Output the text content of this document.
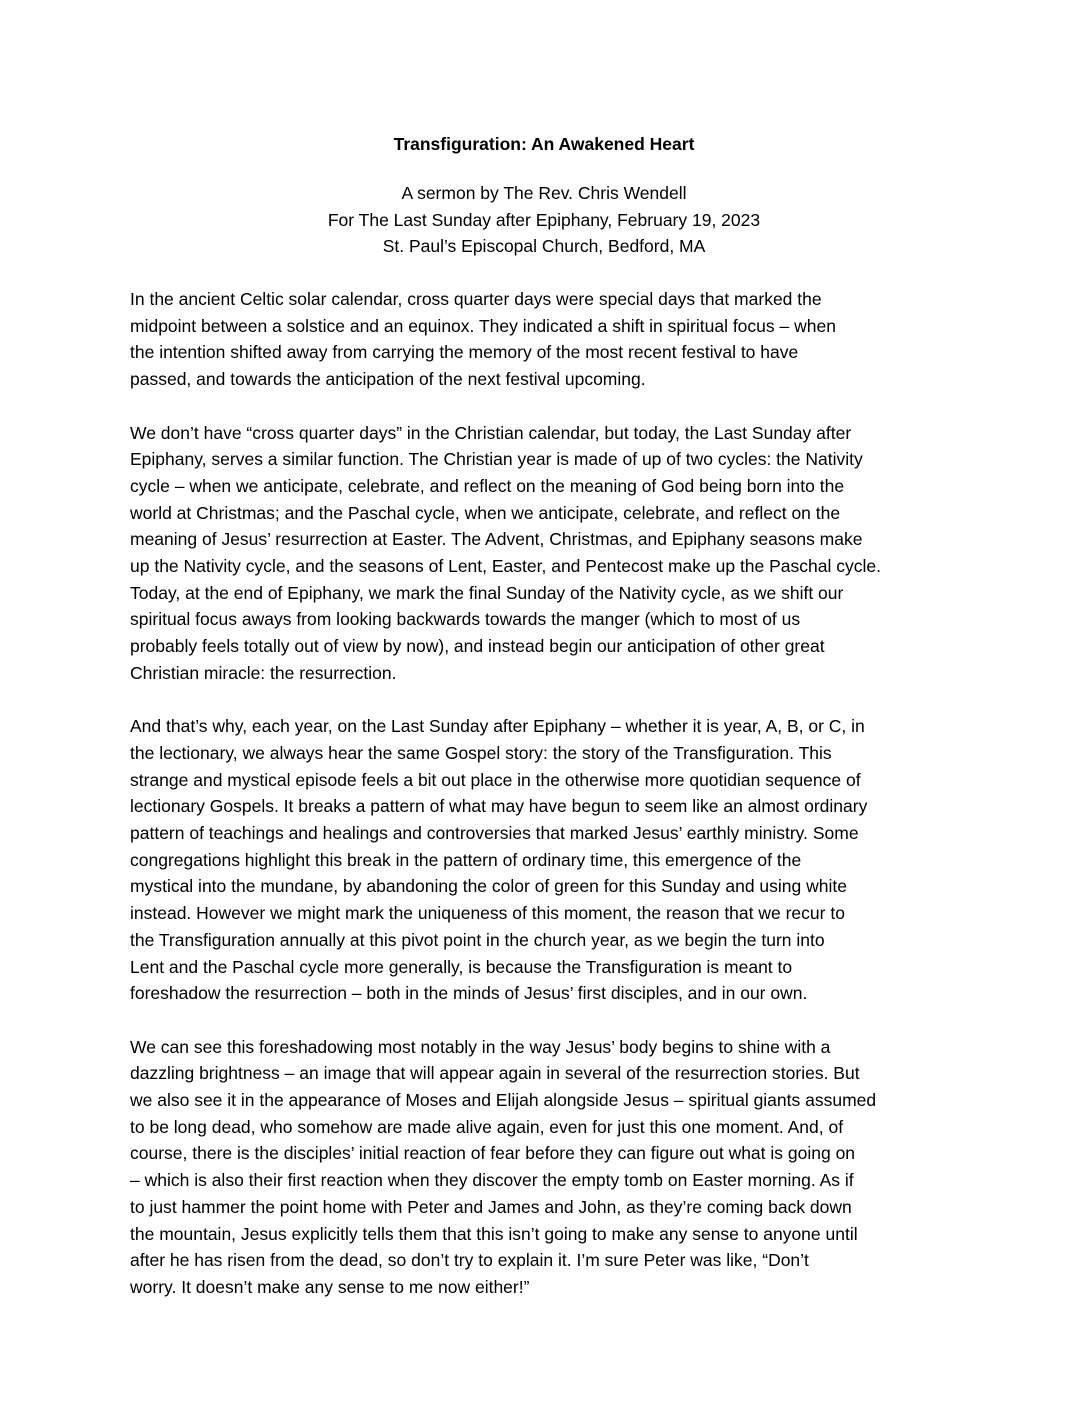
Transfiguration: An Awakened Heart
A sermon by The Rev. Chris Wendell
For The Last Sunday after Epiphany, February 19, 2023
St. Paul’s Episcopal Church, Bedford, MA

In the ancient Celtic solar calendar, cross quarter days were special days that marked the
midpoint between a solstice and an equinox. They indicated a shift in spiritual focus – when
the intention shifted away from carrying the memory of the most recent festival to have
passed, and towards the anticipation of the next festival upcoming.

We don’t have “cross quarter days” in the Christian calendar, but today, the Last Sunday after
Epiphany, serves a similar function. The Christian year is made of up of two cycles: the Nativity
cycle – when we anticipate, celebrate, and reflect on the meaning of God being born into the
world at Christmas; and the Paschal cycle, when we anticipate, celebrate, and reflect on the
meaning of Jesus’ resurrection at Easter. The Advent, Christmas, and Epiphany seasons make
up the Nativity cycle, and the seasons of Lent, Easter, and Pentecost make up the Paschal cycle.
Today, at the end of Epiphany, we mark the final Sunday of the Nativity cycle, as we shift our
spiritual focus aways from looking backwards towards the manger (which to most of us
probably feels totally out of view by now), and instead begin our anticipation of other great
Christian miracle: the resurrection.

And that’s why, each year, on the Last Sunday after Epiphany – whether it is year, A, B, or C, in
the lectionary, we always hear the same Gospel story: the story of the Transfiguration. This
strange and mystical episode feels a bit out place in the otherwise more quotidian sequence of
lectionary Gospels. It breaks a pattern of what may have begun to seem like an almost ordinary
pattern of teachings and healings and controversies that marked Jesus’ earthly ministry. Some
congregations highlight this break in the pattern of ordinary time, this emergence of the
mystical into the mundane, by abandoning the color of green for this Sunday and using white
instead. However we might mark the uniqueness of this moment, the reason that we recur to
the Transfiguration annually at this pivot point in the church year, as we begin the turn into
Lent and the Paschal cycle more generally, is because the Transfiguration is meant to
foreshadow the resurrection – both in the minds of Jesus’ first disciples, and in our own.

We can see this foreshadowing most notably in the way Jesus’ body begins to shine with a
dazzling brightness – an image that will appear again in several of the resurrection stories. But
we also see it in the appearance of Moses and Elijah alongside Jesus – spiritual giants assumed
to be long dead, who somehow are made alive again, even for just this one moment. And, of
course, there is the disciples’ initial reaction of fear before they can figure out what is going on
– which is also their first reaction when they discover the empty tomb on Easter morning. As if
to just hammer the point home with Peter and James and John, as they’re coming back down
the mountain, Jesus explicitly tells them that this isn’t going to make any sense to anyone until
after he has risen from the dead, so don’t try to explain it. I’m sure Peter was like, “Don’t
worry. It doesn’t make any sense to me now either!”
